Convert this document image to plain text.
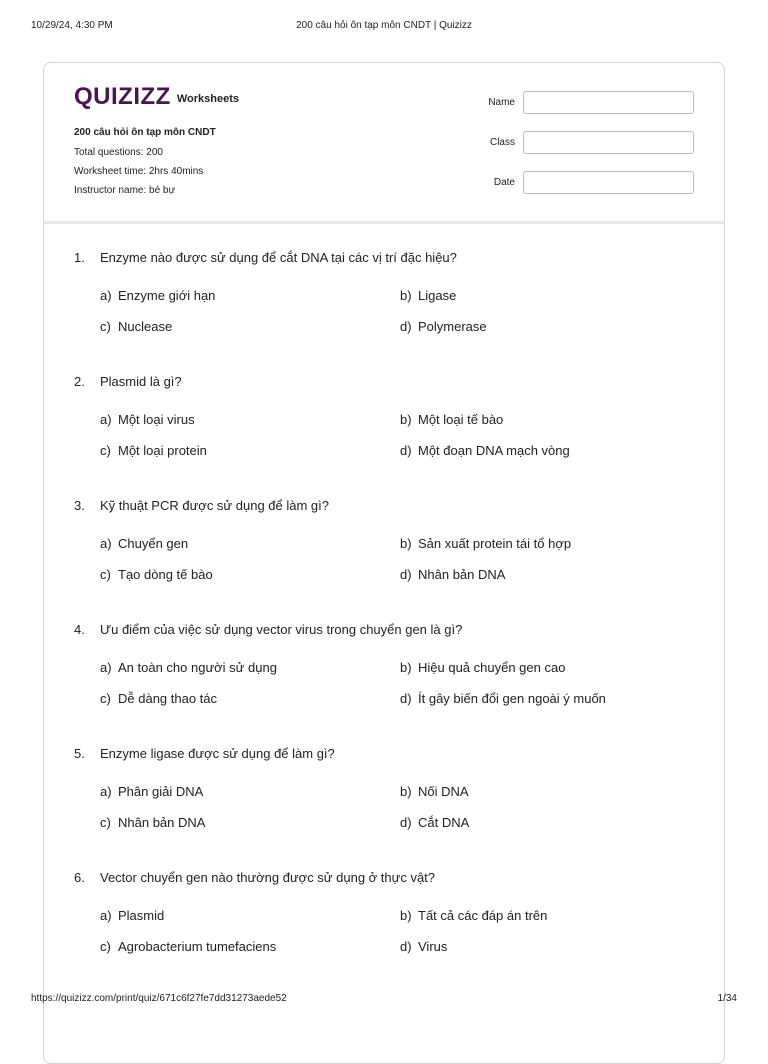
10/29/24, 4:30 PM	200 câu hỏi ôn tạp môn CNDT | Quizizz
QUIZIZZ Worksheets
200 câu hỏi ôn tạp môn CNDT
Total questions: 200
Worksheet time: 2hrs 40mins
Instructor name: bé bự
Name
Class
Date
1. Enzyme nào được sử dụng để cắt DNA tại các vị trí đặc hiệu?
a) Enzyme giới hạn	b) Ligase
c) Nuclease	d) Polymerase
2. Plasmid là gì?
a) Một loại virus	b) Một loại tế bào
c) Một loại protein	d) Một đoạn DNA mạch vòng
3. Kỹ thuật PCR được sử dụng để làm gì?
a) Chuyển gen	b) Sản xuất protein tái tổ hợp
c) Tạo dòng tế bào	d) Nhân bản DNA
4. Ưu điểm của việc sử dụng vector virus trong chuyển gen là gì?
a) An toàn cho người sử dụng	b) Hiệu quả chuyển gen cao
c) Dễ dàng thao tác	d) Ít gây biến đổi gen ngoài ý muốn
5. Enzyme ligase được sử dụng để làm gì?
a) Phân giải DNA	b) Nối DNA
c) Nhân bản DNA	d) Cắt DNA
6. Vector chuyển gen nào thường được sử dụng ở thực vật?
a) Plasmid	b) Tất cả các đáp án trên
c) Agrobacterium tumefaciens	d) Virus
https://quizizz.com/print/quiz/671c6f27fe7dd31273aede52	1/34
